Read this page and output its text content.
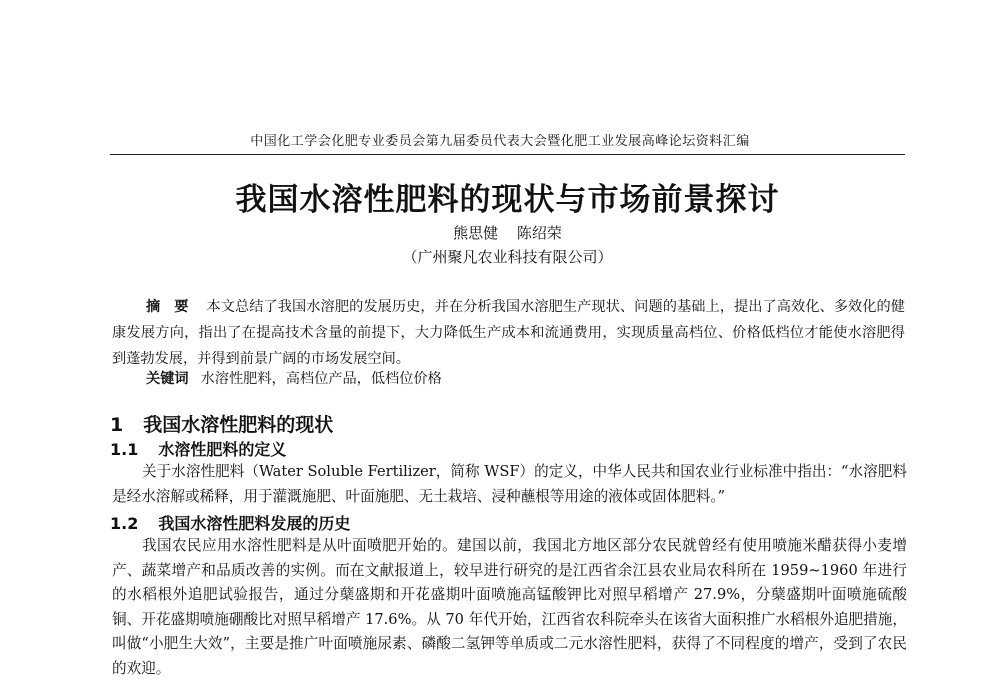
中国化工学会化肥专业委员会第九届委员代表大会暨化肥工业发展高峰论坛资料汇编
我国水溶性肥料的现状与市场前景探讨
熊思健 陈绍荣
（广州聚凡农业科技有限公司）

摘要 本文总结了我国水溶肥的发展历史，并在分析我国水溶肥生产现状、问题的基础上，提出了高效化、多效化的健康发展方向，指出了在提高技术含量的前提下，大力降低生产成本和流通费用，实现质量高档位、价格低档位才能使水溶肥得到蓬勃发展，并得到前景广阔的市场发展空间。

关键词 水溶性肥料，高档位产品，低档位价格

1 我国水溶性肥料的现状
1.1 水溶性肥料的定义

关于水溶性肥料（Water Soluble Fertilizer，简称 WSF）的定义，中华人民共和国农业行业标准中指出：“水溶肥料是经水溶解或稀释，用于灌溉施肥、叶面施肥、无土栽培、浸种蘸根等用途的液体或固体肥料。”

1.2 我国水溶性肥料发展的历史

我国农民应用水溶性肥料是从叶面喷肥开始的。建国以前，我国北方地区部分农民就曾经有使用喷施米醋获得小麦增产、蔬菜增产和品质改善的实例。而在文献报道上，较早进行研究的是江西省余江县农业局农科所在 1959~1960 年进行的水稻根外追肥试验报告，通过分蘖盛期和开花盛期叶面喷施高锰酸钾比对照早稻增产 27.9%，分蘖盛期叶面喷施硫酸铜、开花盛期喷施硼酸比对照早稻增产 17.6%。从 70 年代开始，江西省农科院牵头在该省大面积推广水稻根外追肥措施，叫做“小肥生大效”，主要是推广叶面喷施尿素、磷酸二氢钾等单质或二元水溶性肥料，获得了不同程度的增产，受到了农民的欢迎。
